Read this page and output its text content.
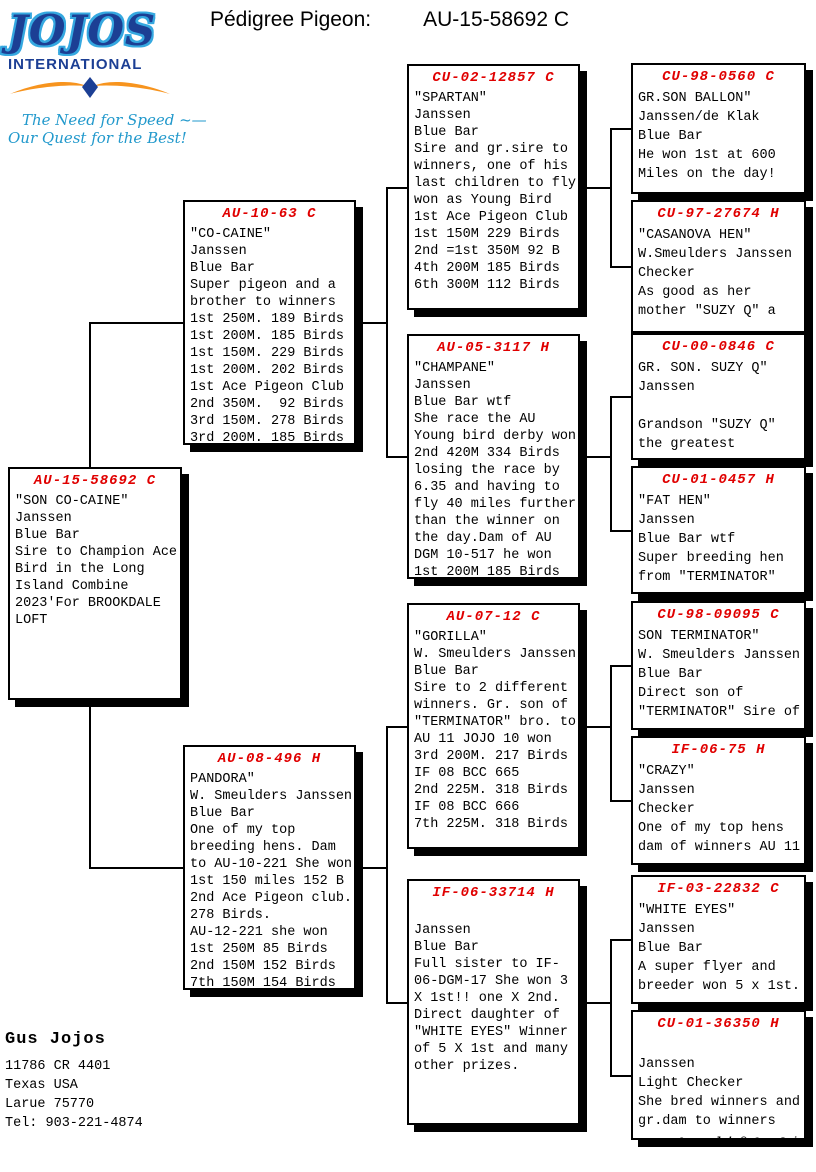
JOJOS
INTERNATIONAL
The Need for Speed ~—
Our Quest for the Best!
Pédigree Pigeon: AU-15-58692 C
AU-15-58692 C
"SON CO-CAINE"
Janssen
Blue Bar
Sire to Champion Ace
Bird in the Long
Island Combine
2023'For BROOKDALE
LOFT
AU-10-63 C
"CO-CAINE"
Janssen
Blue Bar
Super pigeon and a
brother to winners
1st 250M. 189 Birds
1st 200M. 185 Birds
1st 150M. 229 Birds
1st 200M. 202 Birds
1st Ace Pigeon Club
2nd 350M.  92 Birds
3rd 150M. 278 Birds
3rd 200M. 185 Birds
AU-08-496 H
PANDORA"
W. Smeulders Janssen
Blue Bar
One of my top
breeding hens. Dam
to AU-10-221 She won
1st 150 miles 152 B
2nd Ace Pigeon club.
278 Birds.
AU-12-221 she won
1st 250M 85 Birds
2nd 150M 152 Birds
7th 150M 154 Birds
CU-02-12857 C
"SPARTAN"
Janssen
Blue Bar
Sire and gr.sire to
winners, one of his
last children to fly
won as Young Bird
1st Ace Pigeon Club
1st 150M 229 Birds
2nd =1st 350M 92 B
4th 200M 185 Birds
6th 300M 112 Birds
AU-05-3117 H
"CHAMPANE"
Janssen
Blue Bar wtf
She race the AU
Young bird derby won
2nd 420M 334 Birds
losing the race by
6.35 and having to
fly 40 miles further
than the winner on
the day.Dam of AU
DGM 10-517 he won
1st 200M 185 Birds
AU-07-12 C
"GORILLA"
W. Smeulders Janssen
Blue Bar
Sire to 2 different
winners. Gr. son of
"TERMINATOR" bro. to
AU 11 JOJO 10 won
3rd 200M. 217 Birds
IF 08 BCC 665
2nd 225M. 318 Birds
IF 08 BCC 666
7th 225M. 318 Birds
IF-06-33714 H

Janssen
Blue Bar
Full sister to IF-
06-DGM-17 She won 3
X 1st!! one X 2nd.
Direct daughter of
"WHITE EYES" Winner
of 5 X 1st and many
other prizes.
CU-98-0560 C
GR.SON BALLON"
Janssen/de Klak
Blue Bar
He won 1st at 600
Miles on the day!
CU-97-27674 H
"CASANOVA HEN"
W.Smeulders Janssen
Checker
As good as her
mother "SUZY Q" a
CU-00-0846 C
GR. SON. SUZY Q"
Janssen

Grandson "SUZY Q"
the greatest
CU-01-0457 H
"FAT HEN"
Janssen
Blue Bar wtf
Super breeding hen
from "TERMINATOR"
CU-98-09095 C
SON TERMINATOR"
W. Smeulders Janssen
Blue Bar
Direct son of
"TERMINATOR" Sire of
IF-06-75 H
"CRAZY"
Janssen
Checker
One of my top hens
dam of winners AU 11
IF-03-22832 C
"WHITE EYES"
Janssen
Blue Bar
A super flyer and
breeder won 5 x 1st.
CU-01-36350 H

Janssen
Light Checker
She bred winners and
gr.dam to winners
Gus Jojos
11786 CR 4401
Texas USA
Larue 75770
Tel: 903-221-4874
Compuclub © Gus Jojos
